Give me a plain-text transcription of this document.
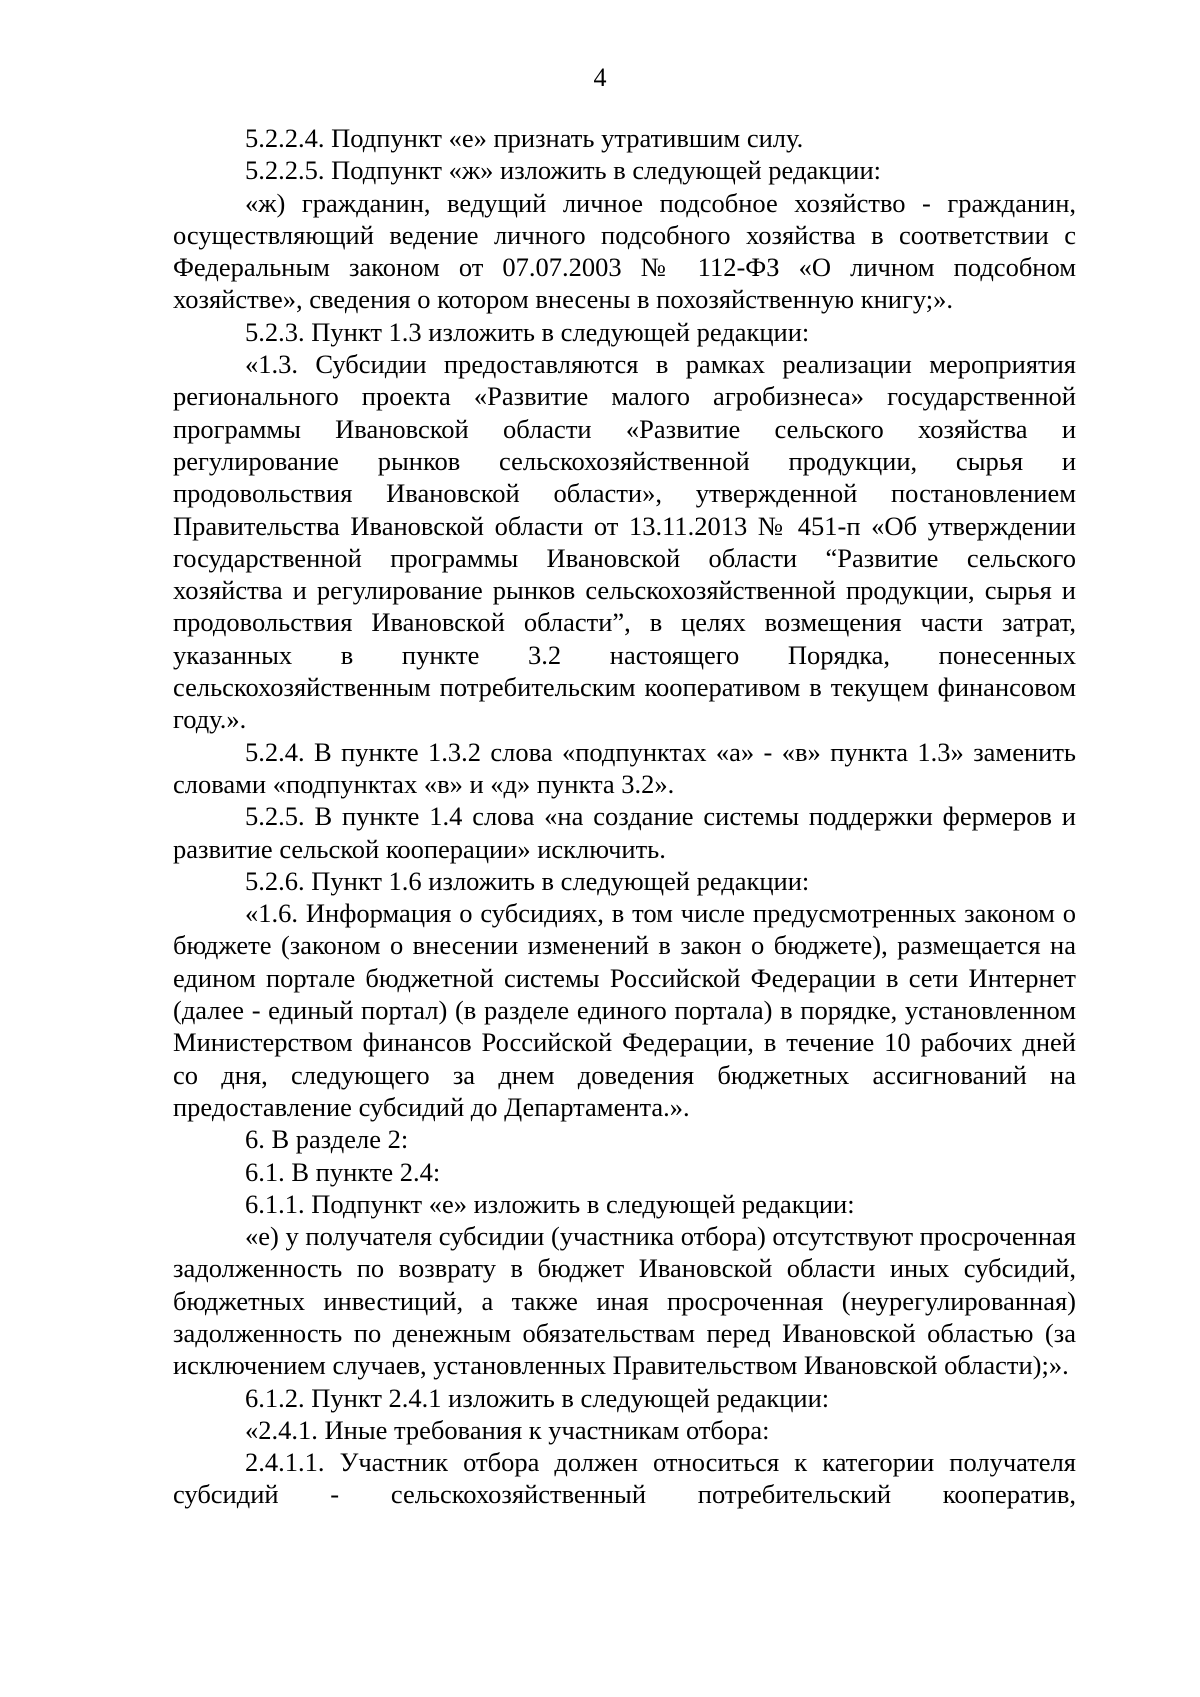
4

5.2.2.4. Подпункт «е» признать утратившим силу.

5.2.2.5. Подпункт «ж» изложить в следующей редакции:

«ж) гражданин, ведущий личное подсобное хозяйство - гражданин, осуществляющий ведение личного подсобного хозяйства в соответствии с Федеральным законом от 07.07.2003 № 112-ФЗ «О личном подсобном хозяйстве», сведения о котором внесены в похозяйственную книгу;».

5.2.3. Пункт 1.3 изложить в следующей редакции:

«1.3. Субсидии предоставляются в рамках реализации мероприятия регионального проекта «Развитие малого агробизнеса» государственной программы Ивановской области «Развитие сельского хозяйства и регулирование рынков сельскохозяйственной продукции, сырья и продовольствия Ивановской области», утвержденной постановлением Правительства Ивановской области от 13.11.2013 № 451-п «Об утверждении государственной программы Ивановской области “Развитие сельского хозяйства и регулирование рынков сельскохозяйственной продукции, сырья и продовольствия Ивановской области”, в целях возмещения части затрат, указанных в пункте 3.2 настоящего Порядка, понесенных сельскохозяйственным потребительским кооперативом в текущем финансовом году.».

5.2.4. В пункте 1.3.2 слова «подпунктах «а» - «в» пункта 1.3» заменить словами «подпунктах «в» и «д» пункта 3.2».

5.2.5. В пункте 1.4 слова «на создание системы поддержки фермеров и развитие сельской кооперации» исключить.

5.2.6. Пункт 1.6 изложить в следующей редакции:

«1.6. Информация о субсидиях, в том числе предусмотренных законом о бюджете (законом о внесении изменений в закон о бюджете), размещается на едином портале бюджетной системы Российской Федерации в сети Интернет (далее - единый портал) (в разделе единого портала) в порядке, установленном Министерством финансов Российской Федерации, в течение 10 рабочих дней со дня, следующего за днем доведения бюджетных ассигнований на предоставление субсидий до Департамента.».

6. В разделе 2:

6.1. В пункте 2.4:

6.1.1. Подпункт «е» изложить в следующей редакции:

«е) у получателя субсидии (участника отбора) отсутствуют просроченная задолженность по возврату в бюджет Ивановской области иных субсидий, бюджетных инвестиций, а также иная просроченная (неурегулированная) задолженность по денежным обязательствам перед Ивановской областью (за исключением случаев, установленных Правительством Ивановской области);».

6.1.2. Пункт 2.4.1 изложить в следующей редакции:

«2.4.1. Иные требования к участникам отбора:

2.4.1.1. Участник отбора должен относиться к категории получателя субсидий - сельскохозяйственный потребительский кооператив,
